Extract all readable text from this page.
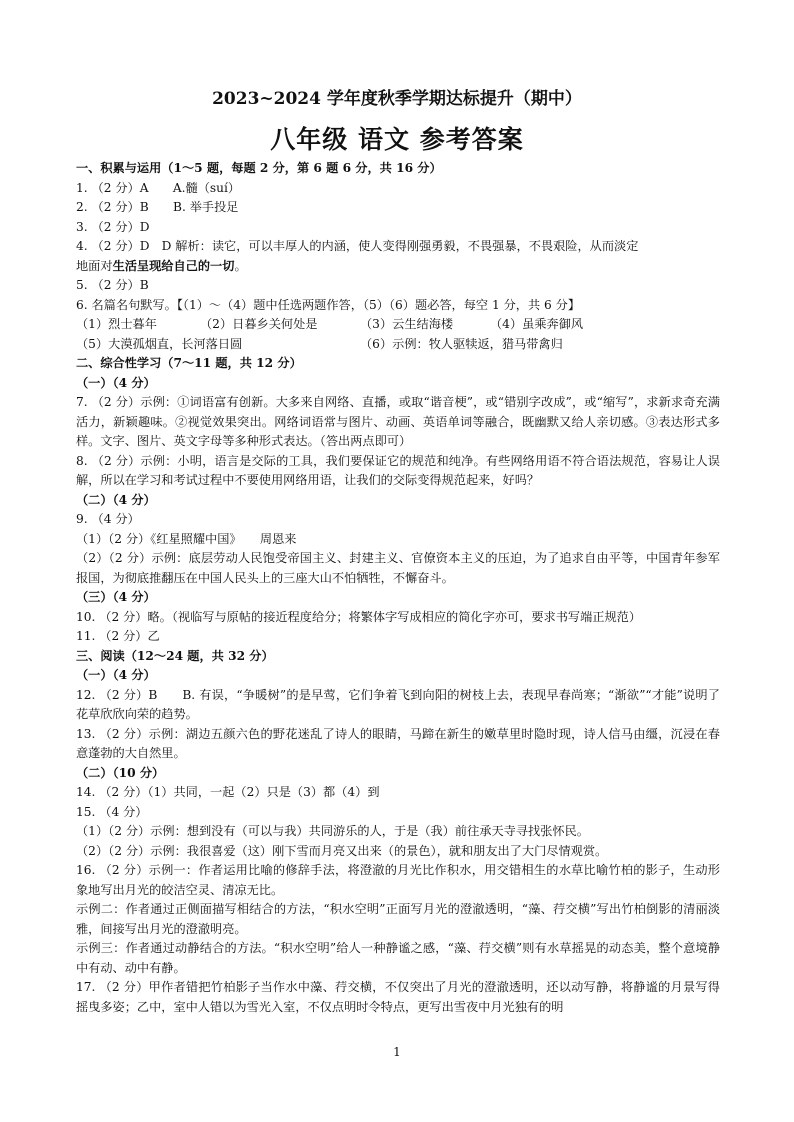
2023~2024 学年度秋季学期达标提升（期中）
八年级 语文 参考答案

一、积累与运用（1～5 题，每题 2 分，第 6 题 6 分，共 16 分）

1. （2 分）A　　A.髓（suí）

2. （2 分）B　　B. 举手投足

3. （2 分）D

4. （2 分）D　D 解析：读它，可以丰厚人的内涵，使人变得刚强勇毅，不畏强暴，不畏艰险，从而淡定

地面对生活呈现给自己的一切。

5. （2 分）B

6. 名篇名句默写。【（1）～（4）题中任选两题作答，（5）（6）题必答，每空 1 分，共 6 分】

（1）烈士暮年	（2）日暮乡关何处是	（3）云生结海楼	（4）虽乘奔御风
（5）大漠孤烟直，长河落日圆	（6）示例：牧人驱犊返，猎马带禽归

二、综合性学习（7～11 题，共 12 分）

（一）（4 分）

7. （2 分）示例：①词语富有创新。大多来自网络、直播，或取“谐音梗”，或“错别字改成”，或“缩写”，求新求奇充满活力，新颖趣味。②视觉效果突出。网络词语常与图片、动画、英语单词等融合，既幽默又给人亲切感。③表达形式多样。文字、图片、英文字母等多种形式表达。（答出两点即可）

8. （2 分）示例：小明，语言是交际的工具，我们要保证它的规范和纯净。有些网络用语不符合语法规范，容易让人误解，所以在学习和考试过程中不要使用网络用语，让我们的交际变得规范起来，好吗？

（二）（4 分）

9. （4 分）

（1）（2 分）《红星照耀中国》　　周恩来

（2）（2 分）示例：底层劳动人民饱受帝国主义、封建主义、官僚资本主义的压迫，为了追求自由平等，中国青年参军报国，为彻底推翻压在中国人民头上的三座大山不怕牺牲，不懈奋斗。

（三）（4 分）

10. （2 分）略。（视临写与原帖的接近程度给分；将繁体字写成相应的简化字亦可，要求书写端正规范）

11. （2 分）乙

三、阅读（12～24 题，共 32 分）

（一）（4 分）

12. （2 分）B　　B. 有误，“争暖树”的是早莺，它们争着飞到向阳的树枝上去，表现早春尚寒；“渐欲”“才能”说明了花草欣欣向荣的趋势。

13. （2 分）示例：湖边五颜六色的野花迷乱了诗人的眼睛，马蹄在新生的嫩草里时隐时现，诗人信马由缰，沉浸在春意蓬勃的大自然里。

（二）（10 分）

14. （2 分）（1）共同，一起（2）只是（3）都（4）到

15. （4 分）

（1）（2 分）示例：想到没有（可以与我）共同游乐的人，于是（我）前往承天寺寻找张怀民。

（2）（2 分）示例：我很喜爱（这）刚下雪而月亮又出来（的景色），就和朋友出了大门尽情观赏。

16. （2 分）示例一：作者运用比喻的修辞手法，将澄澈的月光比作积水，用交错相生的水草比喻竹柏的影子，生动形象地写出月光的皎洁空灵、清凉无比。

示例二：作者通过正侧面描写相结合的方法，“积水空明”正面写月光的澄澈透明，“藻、荇交横”写出竹柏倒影的清丽淡雅，间接写出月光的澄澈明亮。

示例三：作者通过动静结合的方法。“积水空明”给人一种静谧之感，“藻、荇交横”则有水草摇晃的动态美，整个意境静中有动、动中有静。

17. （2 分）甲作者错把竹柏影子当作水中藻、荇交横，不仅突出了月光的澄澈透明，还以动写静，将静谧的月景写得摇曳多姿；乙中，室中人错以为雪光入室，不仅点明时令特点，更写出雪夜中月光独有的明

1
